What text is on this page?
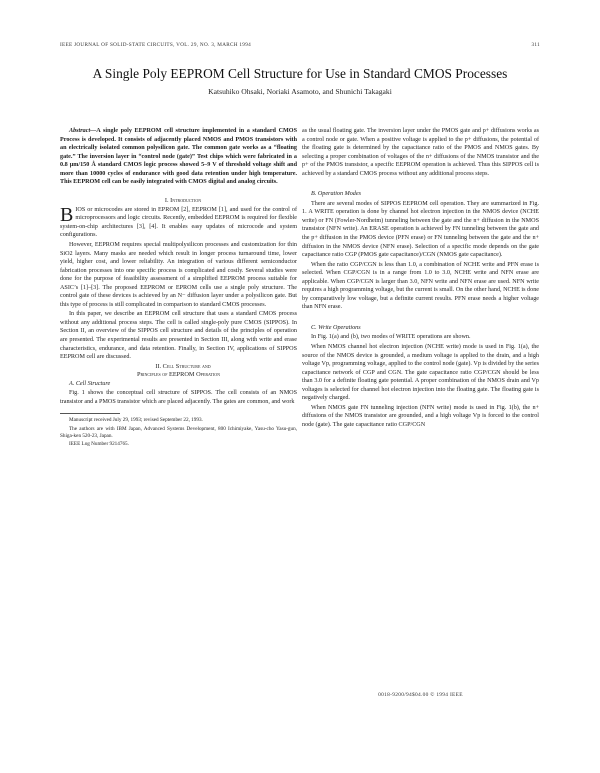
IEEE JOURNAL OF SOLID-STATE CIRCUITS, VOL. 29, NO. 3, MARCH 1994	311
A Single Poly EEPROM Cell Structure for Use in Standard CMOS Processes
Katsuhiko Ohsaki, Noriaki Asamoto, and Shunichi Takagaki

Abstract—A single poly EEPROM cell structure implemented in a standard CMOS Process is developed. It consists of adjacently placed NMOS and PMOS transistors with an electrically isolated common polysilicon gate. The common gate works as a “floating gate.” The inversion layer in “control node (gate)” Test chips which were fabricated in a 0.8 µm/150 Å standard CMOS logic process showed 5–9 V of threshold voltage shift and more than 10000 cycles of endurance with good data retention under high temperature. This EEPROM cell can be easily integrated with CMOS digital and analog circuits.

I. Introduction

BIOS or microcodes are stored in EPROM [2], EEPROM [1], and used for the control of microprocessors and logic circuits. Recently, embedded EEPROM is required for flexible system-on-chip architectures [3], [4]. It enables easy updates of microcode and system configurations.

However, EEPROM requires special multipolysilicon processes and customization for thin SiO2 layers. Many masks are needed which result in longer process turnaround time, lower yield, higher cost, and lower reliability. An integration of various different semiconductor fabrication processes into one specific process is complicated and costly. Several studies were done for the purpose of feasibility assessment of a simplified EEPROM process suitable for ASIC’s [1]–[3]. The proposed EEPROM or EPROM cells use a single poly structure. The control gate of these devices is achieved by an N− diffusion layer under a polysilicon gate. But this type of process is still complicated in comparison to standard CMOS processes.

In this paper, we describe an EEPROM cell structure that uses a standard CMOS process without any additional process steps. The cell is called single-poly pure CMOS (SIPPOS). In Section II, an overview of the SIPPOS cell structure and details of the principles of operation are presented. The experimental results are presented in Section III, along with write and erase characteristics, endurance, and data retention. Finally, in Section IV, applications of SIPPOS EEPROM cell are discussed.

II. Cell Structure and
Principles of EEPROM Operation

A. Cell Structure

Fig. 1 shows the conceptual cell structure of SIPPOS. The cell consists of an NMOS transistor and a PMOS transistor which are placed adjacently. The gates are common, and work

Manuscript received July 29, 1993; revised September 22, 1993.

The authors are with IBM Japan, Advanced Systems Development, 800 Ichimiyake, Yasu-cho Yasu-gun, Shiga-ken 520-23, Japan.

IEEE Log Number 9214765.

as the usual floating gate. The inversion layer under the PMOS gate and p+ diffusions works as a control node or gate. When a positive voltage is applied to the p+ diffusions, the potential of the floating gate is determined by the capacitance ratio of the PMOS and NMOS gates. By selecting a proper combination of voltages of the n+ diffusions of the NMOS transistor and the p+ of the PMOS transistor, a specific EEPROM operation is achieved. Thus this SIPPOS cell is achieved by a standard CMOS process without any additional process steps.

B. Operation Modes

There are several modes of SIPPOS EEPROM cell operation. They are summarized in Fig. 1. A WRITE operation is done by channel hot electron injection in the NMOS device (NCHE write) or FN (Fowler-Nordheim) tunneling between the gate and the n+ diffusion in the NMOS transistor (NFN write). An ERASE operation is achieved by FN tunneling between the gate and the p+ diffusion in the PMOS device (PFN erase) or FN tunneling between the gate and the n+ diffusion in the NMOS device (NFN erase). Selection of a specific mode depends on the gate capacitance ratio CGP (PMOS gate capacitance)/CGN (NMOS gate capacitance).

When the ratio CGP/CGN is less than 1.0, a combination of NCHE write and PFN erase is selected. When CGP/CGN is in a range from 1.0 to 3.0, NCHE write and NFN erase are applicable. When CGP/CGN is larger than 3.0, NFN write and NFN erase are used. NFN write requires a high programming voltage, but the current is small. On the other hand, NCHE is done by comparatively low voltage, but a definite current results. PFN erase needs a higher voltage than NFN erase.

C. Write Operations

In Fig. 1(a) and (b), two modes of WRITE operations are shown.

When NMOS channel hot electron injection (NCHE write) mode is used in Fig. 1(a), the source of the NMOS device is grounded, a medium voltage is applied to the drain, and a high voltage Vp, programming voltage, applied to the control node (gate). Vp is divided by the series capacitance network of CGP and CGN. The gate capacitance ratio CGP/CGN should be less than 3.0 for a definite floating gate potential. A proper combination of the NMOS drain and Vp voltages is selected for channel hot electron injection into the floating gate. The floating gate is negatively charged.

When NMOS gate FN tunneling injection (NFN write) mode is used in Fig. 1(b), the n+ diffusions of the NMOS transistor are grounded, and a high voltage Vp is forced to the control node (gate). The gate capacitance ratio CGP/CGN

0018-9200/94$04.00 © 1994 IEEE
